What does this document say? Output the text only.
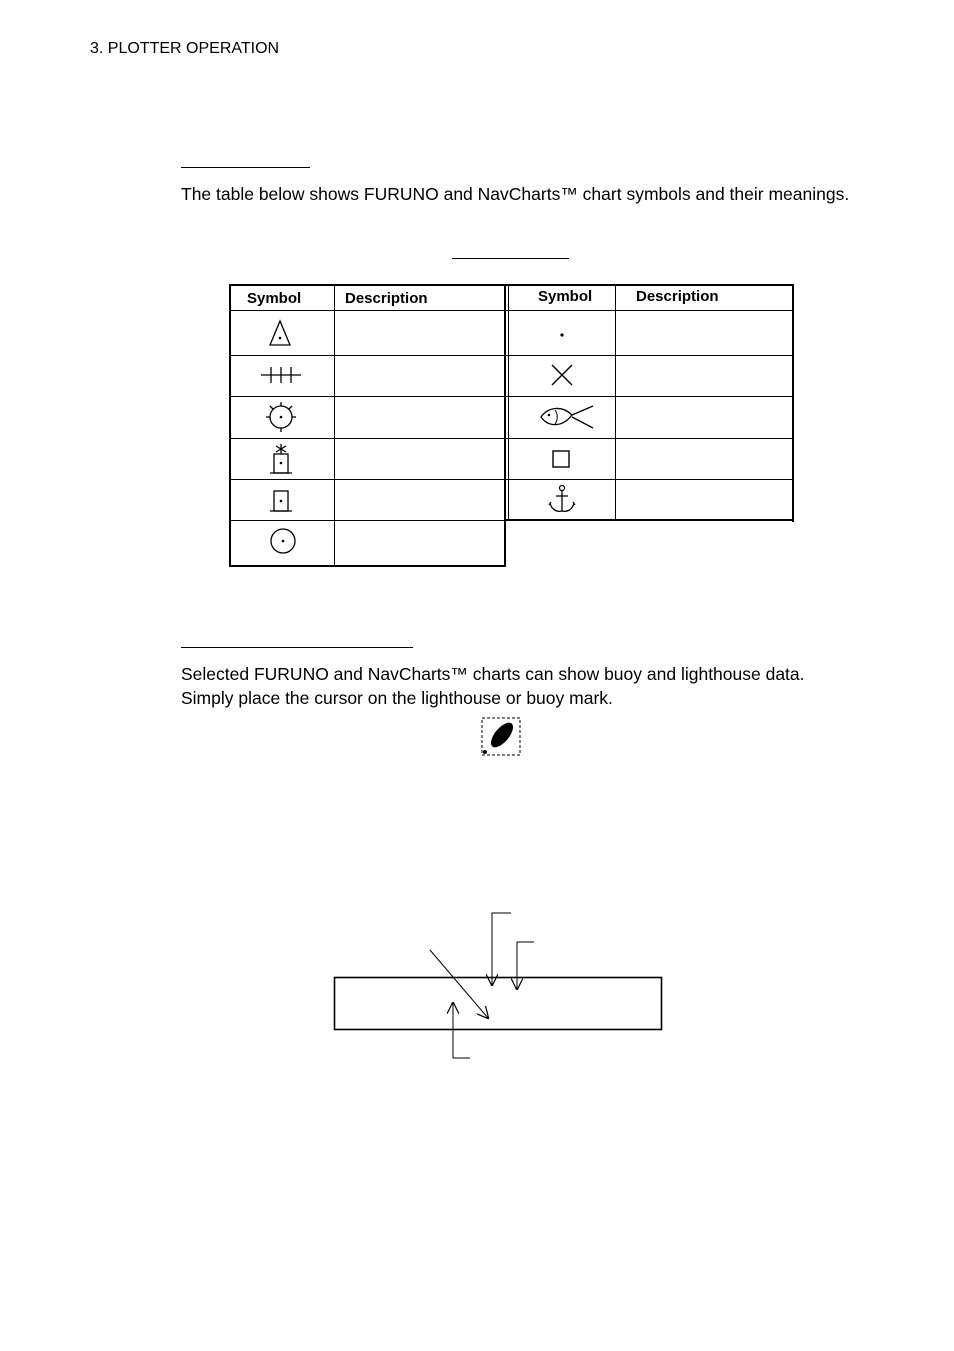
3. PLOTTER OPERATION
The table below shows FURUNO and NavCharts™ chart symbols and their meanings.
Symbol	Description	Symbol	Description
Selected FURUNO and NavCharts™ charts can show buoy and lighthouse data. Simply place the cursor on the lighthouse or buoy mark.
